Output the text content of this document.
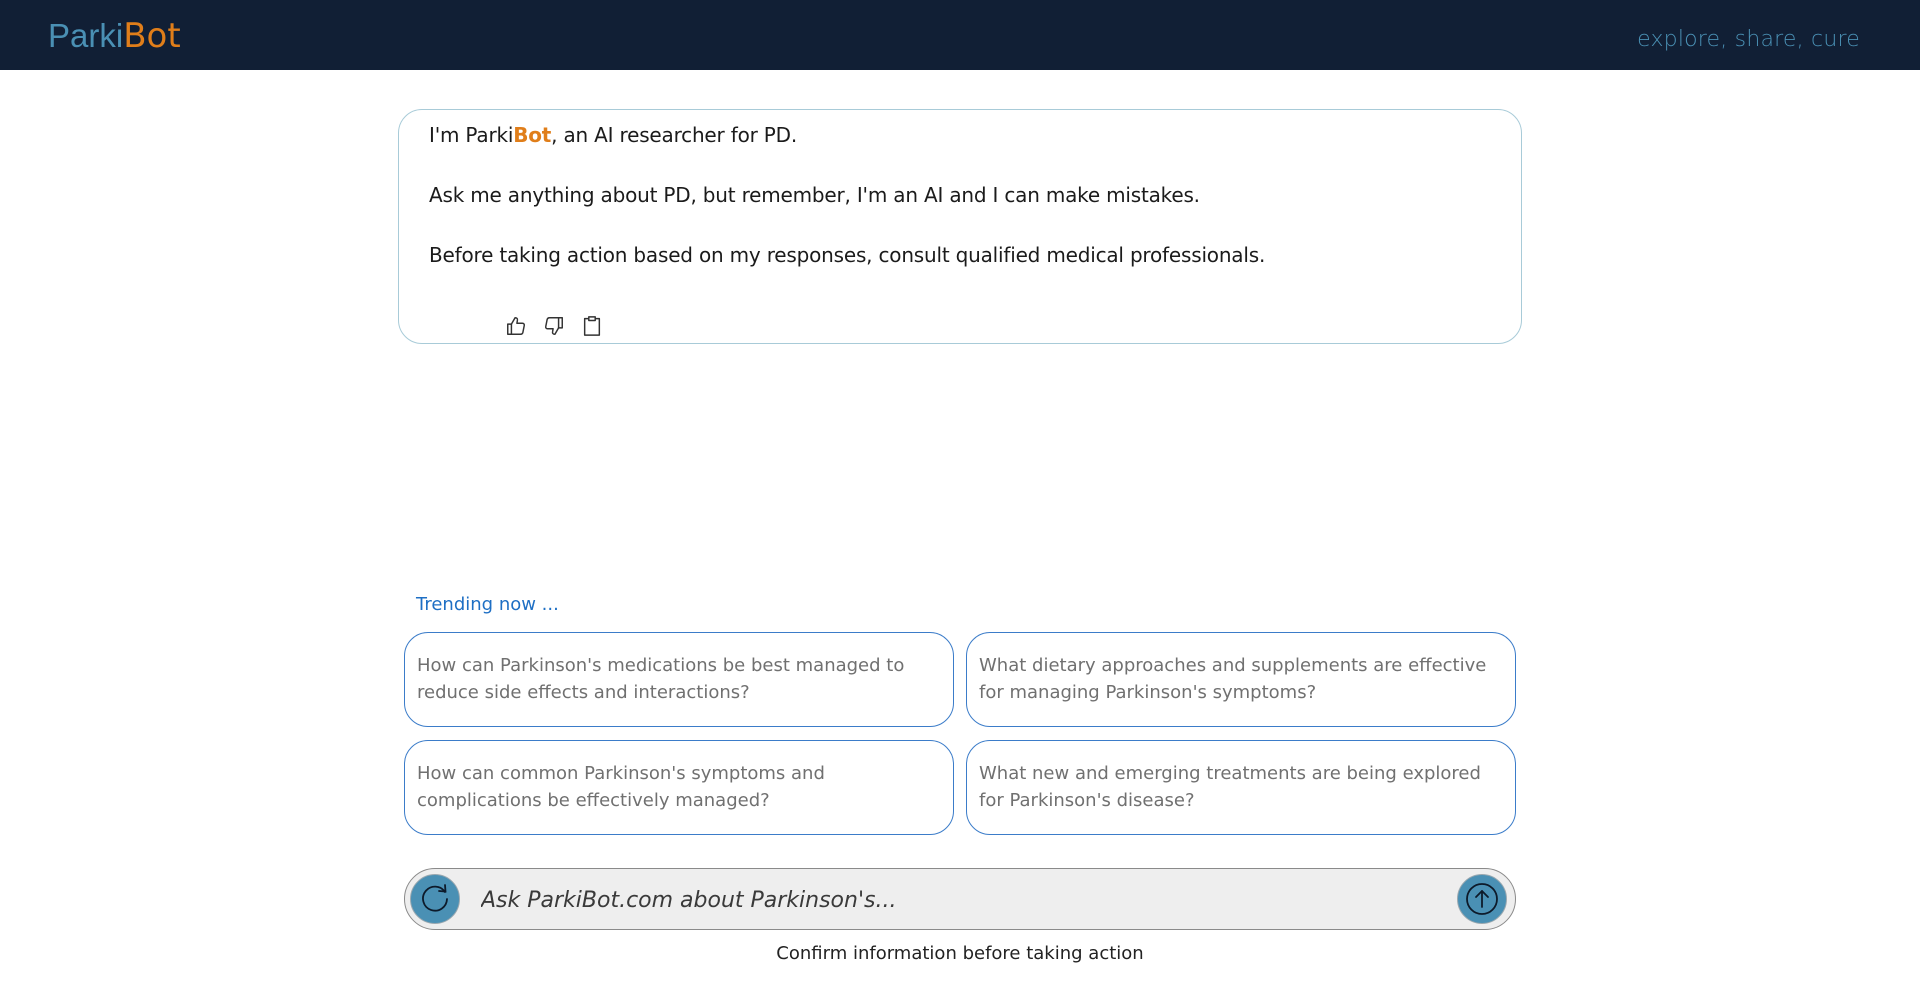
ParkiBot	explore, share, cure

I'm ParkiBot, an AI researcher for PD.

Ask me anything about PD, but remember, I'm an AI and I can make mistakes.

Before taking action based on my responses, consult qualified medical professionals.

Trending now ...
How can Parkinson's medications be best managed to reduce side effects and interactions?
What dietary approaches and supplements are effective for managing Parkinson's symptoms?
How can common Parkinson's symptoms and complications be effectively managed?
What new and emerging treatments are being explored for Parkinson's disease?
Ask ParkiBot.com about Parkinson's...
Confirm information before taking action
